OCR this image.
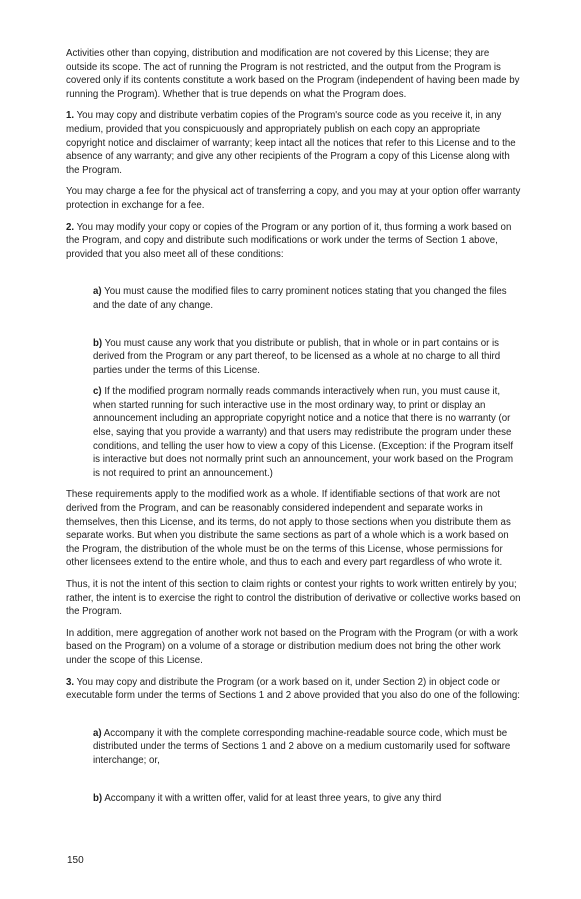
Activities other than copying, distribution and modification are not covered by this License; they are outside its scope. The act of running the Program is not restricted, and the output from the Program is covered only if its contents constitute a work based on the Program (independent of having been made by running the Program). Whether that is true depends on what the Program does.

1. You may copy and distribute verbatim copies of the Program's source code as you receive it, in any medium, provided that you conspicuously and appropriately publish on each copy an appropriate copyright notice and disclaimer of warranty; keep intact all the notices that refer to this License and to the absence of any warranty; and give any other recipients of the Program a copy of this License along with the Program.

You may charge a fee for the physical act of transferring a copy, and you may at your option offer warranty protection in exchange for a fee.

2. You may modify your copy or copies of the Program or any portion of it, thus forming a work based on the Program, and copy and distribute such modifications or work under the terms of Section 1 above, provided that you also meet all of these conditions:

a) You must cause the modified files to carry prominent notices stating that you changed the files and the date of any change.

b) You must cause any work that you distribute or publish, that in whole or in part contains or is derived from the Program or any part thereof, to be licensed as a whole at no charge to all third parties under the terms of this License.

c) If the modified program normally reads commands interactively when run, you must cause it, when started running for such interactive use in the most ordinary way, to print or display an announcement including an appropriate copyright notice and a notice that there is no warranty (or else, saying that you provide a warranty) and that users may redistribute the program under these conditions, and telling the user how to view a copy of this License. (Exception: if the Program itself is interactive but does not normally print such an announcement, your work based on the Program is not required to print an announcement.)

These requirements apply to the modified work as a whole. If identifiable sections of that work are not derived from the Program, and can be reasonably considered independent and separate works in themselves, then this License, and its terms, do not apply to those sections when you distribute them as separate works. But when you distribute the same sections as part of a whole which is a work based on the Program, the distribution of the whole must be on the terms of this License, whose permissions for other licensees extend to the entire whole, and thus to each and every part regardless of who wrote it.

Thus, it is not the intent of this section to claim rights or contest your rights to work written entirely by you; rather, the intent is to exercise the right to control the distribution of derivative or collective works based on the Program.

In addition, mere aggregation of another work not based on the Program with the Program (or with a work based on the Program) on a volume of a storage or distribution medium does not bring the other work under the scope of this License.

3. You may copy and distribute the Program (or a work based on it, under Section 2) in object code or executable form under the terms of Sections 1 and 2 above provided that you also do one of the following:

a) Accompany it with the complete corresponding machine-readable source code, which must be distributed under the terms of Sections 1 and 2 above on a medium customarily used for software interchange; or,

b) Accompany it with a written offer, valid for at least three years, to give any third

150
